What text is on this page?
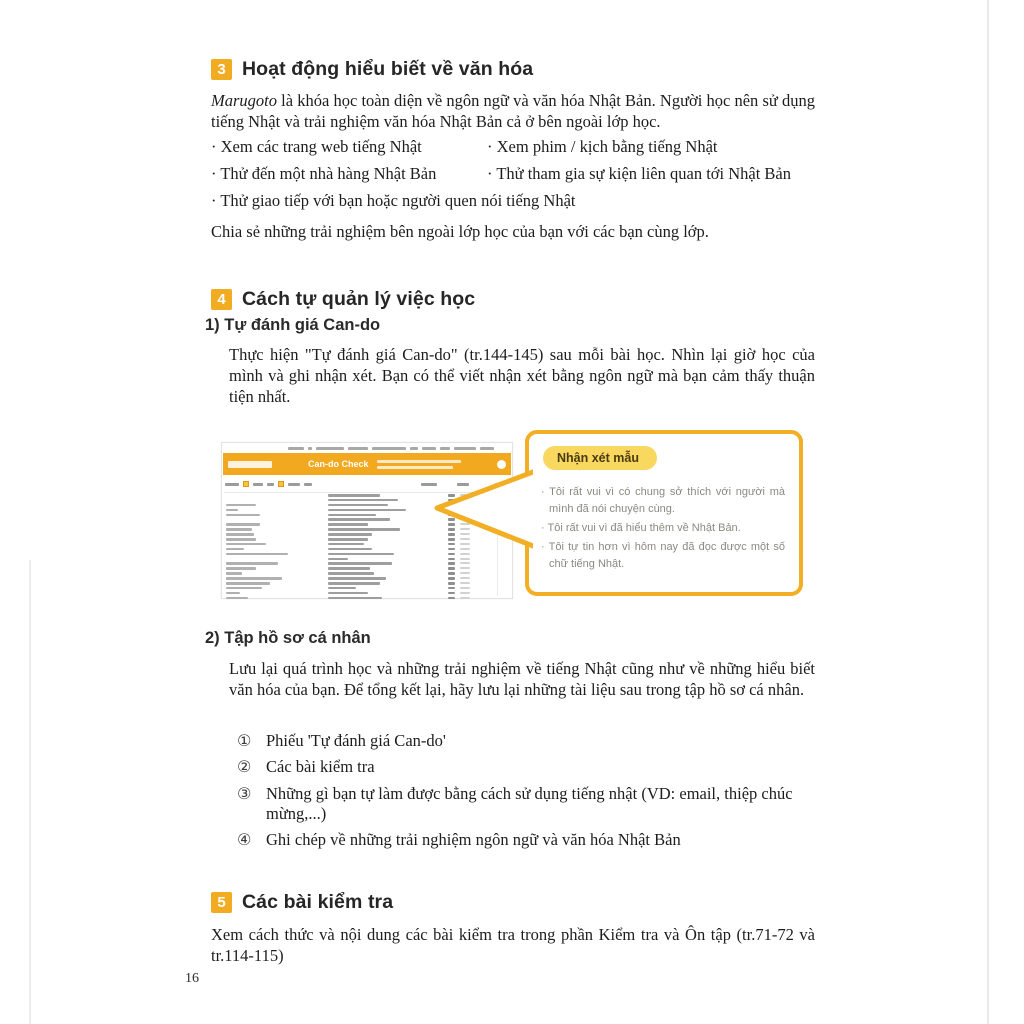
3 Hoạt động hiểu biết về văn hóa
Marugoto là khóa học toàn diện về ngôn ngữ và văn hóa Nhật Bản. Người học nên sử dụng tiếng Nhật và trải nghiệm văn hóa Nhật Bản cả ở bên ngoài lớp học.
· Xem các trang web tiếng Nhật	· Xem phim / kịch bằng tiếng Nhật
· Thử đến một nhà hàng Nhật Bản	· Thử tham gia sự kiện liên quan tới Nhật Bản
· Thử giao tiếp với bạn hoặc người quen nói tiếng Nhật
Chia sẻ những trải nghiệm bên ngoài lớp học của bạn với các bạn cùng lớp.
4 Cách tự quản lý việc học
1) Tự đánh giá Can-do
Thực hiện "Tự đánh giá Can-do" (tr.144-145) sau mỗi bài học. Nhìn lại giờ học của mình và ghi nhận xét. Bạn có thể viết nhận xét bằng ngôn ngữ mà bạn cảm thấy thuận tiện nhất.
Can-do Check	Nhận xét mẫu
· Tôi rất vui vì có chung sở thích với người mà mình đã nói chuyện cùng.
· Tôi rất vui vì đã hiểu thêm về Nhật Bản.
· Tôi tự tin hơn vì hôm nay đã đọc được một số chữ tiếng Nhật.
2) Tập hồ sơ cá nhân
Lưu lại quá trình học và những trải nghiệm về tiếng Nhật cũng như về những hiểu biết văn hóa của bạn. Để tổng kết lại, hãy lưu lại những tài liệu sau trong tập hồ sơ cá nhân.
① Phiếu 'Tự đánh giá Can-do'
② Các bài kiểm tra
③ Những gì bạn tự làm được bằng cách sử dụng tiếng nhật (VD: email, thiệp chúc mừng,...)
④ Ghi chép về những trải nghiệm ngôn ngữ và văn hóa Nhật Bản
5 Các bài kiểm tra
Xem cách thức và nội dung các bài kiểm tra trong phần Kiểm tra và Ôn tập (tr.71-72 và tr.114-115)
16
